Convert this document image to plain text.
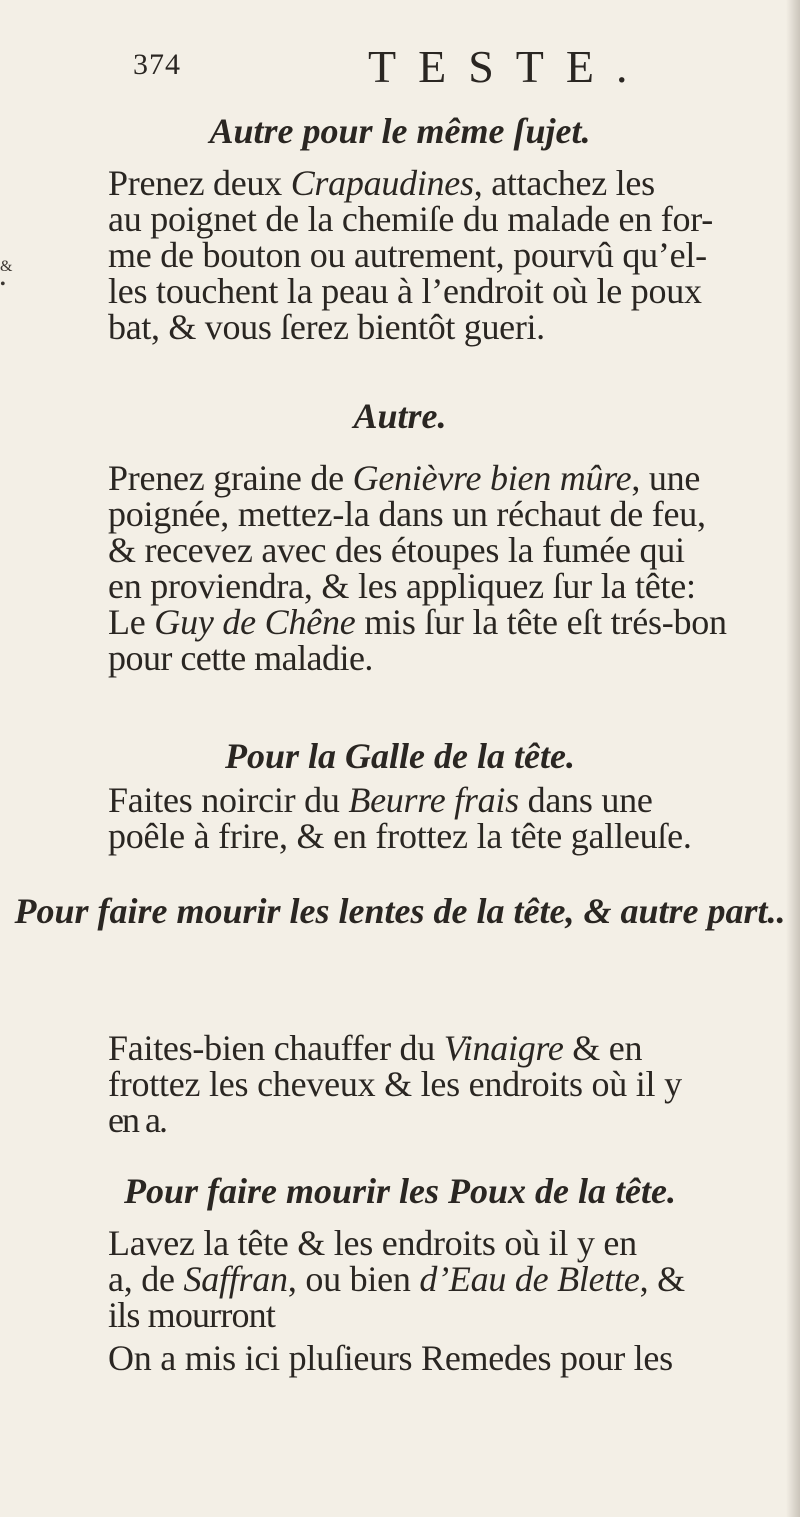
374	TESTE.
&
•
Autre pour le même ſujet.
Prenez deux Crapaudines, attachez les
au poignet de la chemiſe du malade en for-
me de bouton ou autrement, pourvû qu’el-
les touchent la peau à l’endroit où le poux
bat, & vous ſerez bientôt gueri.
Autre.
Prenez graine de Genièvre bien mûre, une
poignée, mettez-la dans un réchaut de feu,
& recevez avec des étoupes la fumée qui
en proviendra, & les appliquez ſur la tête:
Le Guy de Chêne mis ſur la tête eſt trés-bon
pour cette maladie.
Pour la Galle de la tête.
Faites noircir du Beurre frais dans une
poêle à frire, & en frottez la tête galleuſe.
Pour faire mourir les lentes de la tête, & autre part..
Faites-bien chauffer du Vinaigre & en
frottez les cheveux & les endroits où il y
en a.
Pour faire mourir les Poux de la tête.
Lavez la tête & les endroits où il y en
a, de Saffran, ou bien d’Eau de Blette, &
ils mourront
On a mis ici pluſieurs Remedes pour les
